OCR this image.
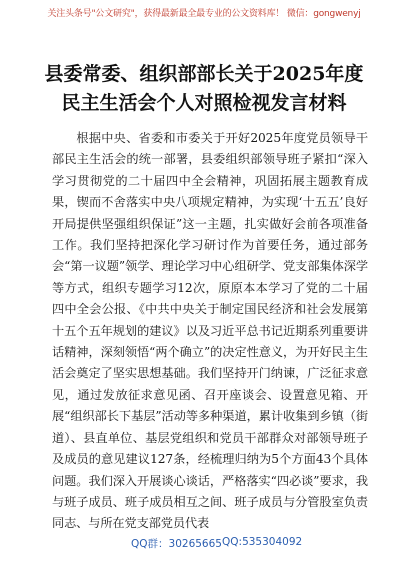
关注头条号"公文研究"，获得最新最全最专业的公文资料库！ 微信：gongwenyj
县委常委、组织部部长关于2025年度民主生活会个人对照检视发言材料

根据中央、省委和市委关于开好2025年度党员领导干部民主生活会的统一部署，县委组织部领导班子紧扣“深入学习贯彻党的二十届四中全会精神，巩固拓展主题教育成果，锲而不舍落实中央八项规定精神，为实现‘十五五’良好开局提供坚强组织保证”这一主题，扎实做好会前各项准备工作。我们坚持把深化学习研讨作为首要任务，通过部务会“第一议题”领学、理论学习中心组研学、党支部集体深学等方式，组织专题学习12次，原原本本学习了党的二十届四中全会公报、《中共中央关于制定国民经济和社会发展第十五个五年规划的建议》以及习近平总书记近期系列重要讲话精神，深刻领悟“两个确立”的决定性意义，为开好民主生活会奠定了坚实思想基础。我们坚持开门纳谏，广泛征求意见，通过发放征求意见函、召开座谈会、设置意见箱、开展“组织部长下基层”活动等多种渠道，累计收集到乡镇（街道）、县直单位、基层党组织和党员干部群众对部领导班子及成员的意见建议127条，经梳理归纳为5个方面43个具体问题。我们深入开展谈心谈话，严格落实“四必谈”要求，我与班子成员、班子成员相互之间、班子成员与分管股室负责同志、与所在党支部党员代表

QQ群：30265665 QQ:535304092
